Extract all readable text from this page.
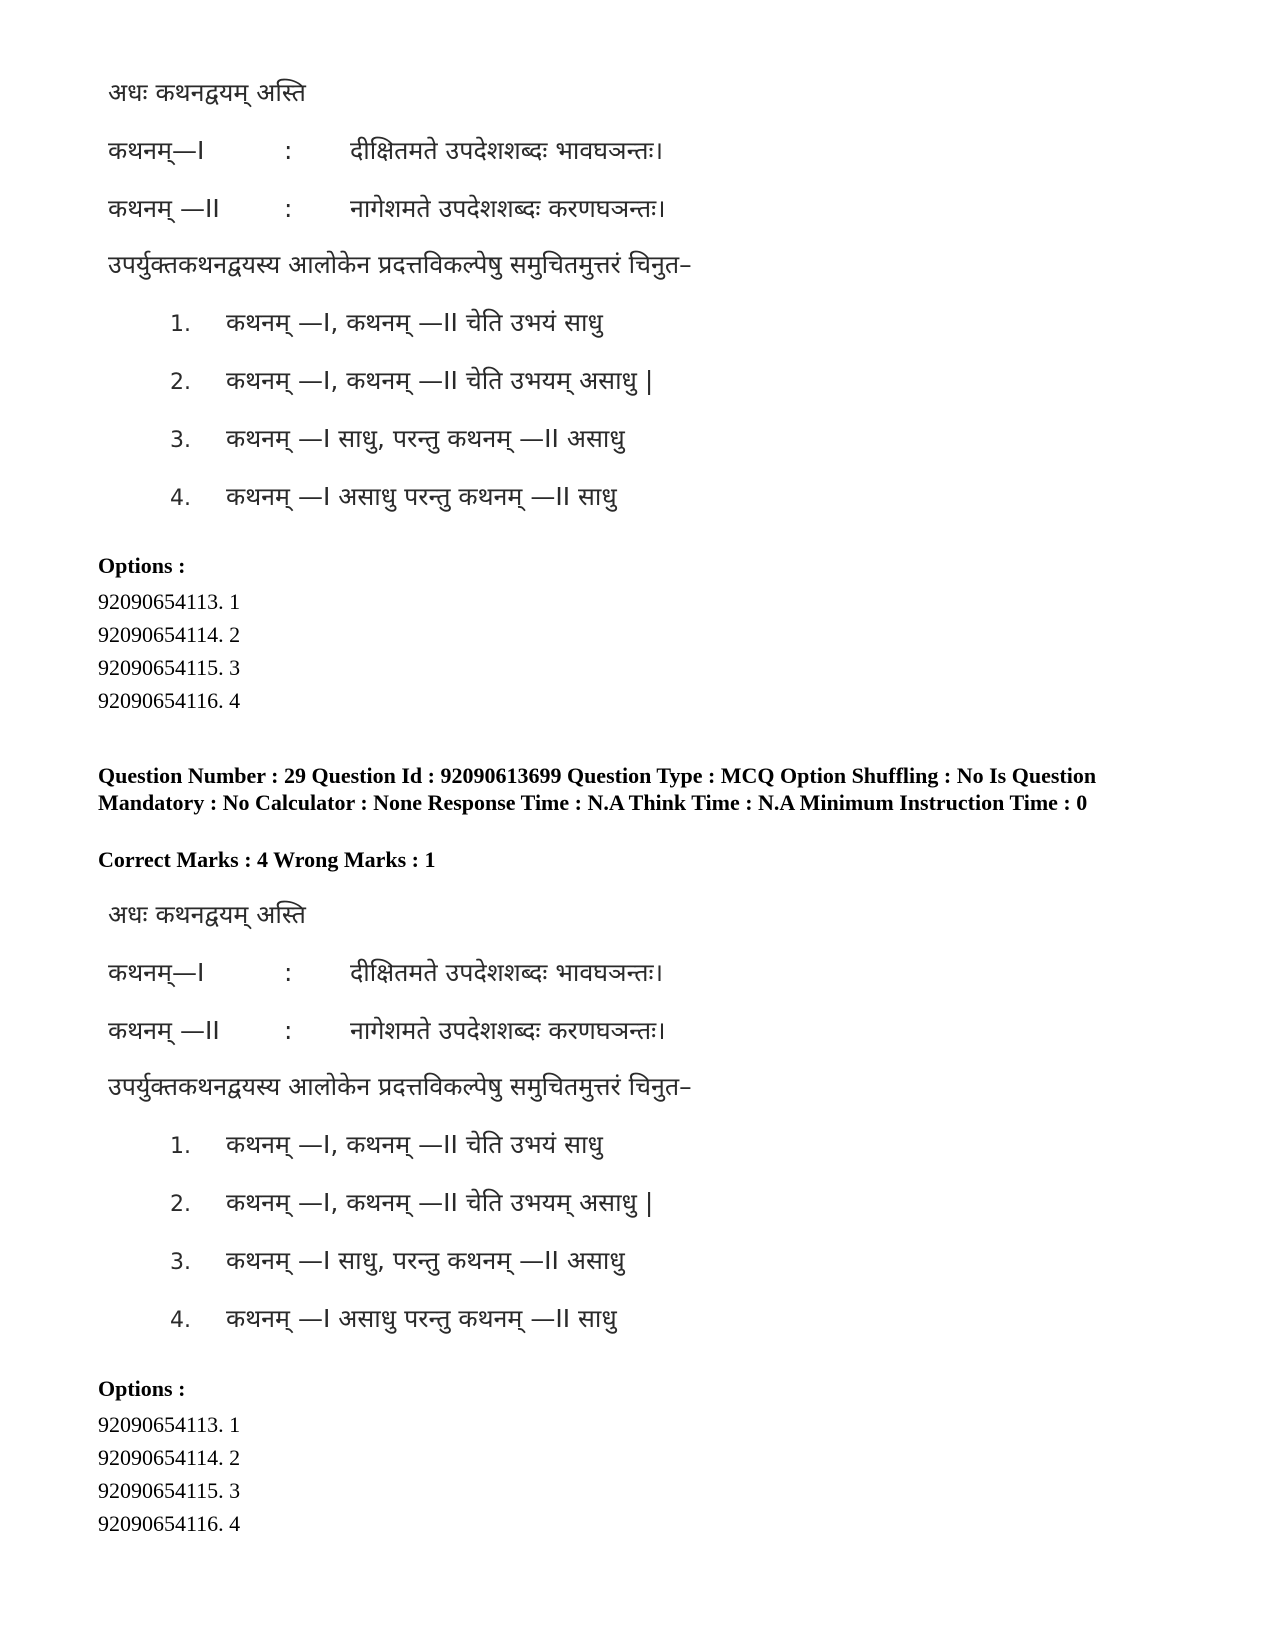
अधः कथनद्वयम् अस्ति
कथनम्—I	: दीक्षितमते उपदेशशब्दः भावघञन्तः।
कथनम् —II	: नागेशमते उपदेशशब्दः करणघञन्तः।
उपर्युक्तकथनद्वयस्य आलोकेन प्रदत्तविकल्पेषु समुचितमुत्तरं चिनुत–
1. कथनम् —I, कथनम् —II चेति उभयं साधु
2. कथनम् —I, कथनम् —II चेति उभयम् असाधु |
3. कथनम् —I साधु, परन्तु कथनम् —II असाधु
4. कथनम् —I असाधु परन्तु कथनम् —II साधु
Options :
92090654113. 1
92090654114. 2
92090654115. 3
92090654116. 4
Question Number : 29 Question Id : 92090613699 Question Type : MCQ Option Shuffling : No Is Question Mandatory : No Calculator : None Response Time : N.A Think Time : N.A Minimum Instruction Time : 0
Correct Marks : 4 Wrong Marks : 1
अधः कथनद्वयम् अस्ति
कथनम्—I	: दीक्षितमते उपदेशशब्दः भावघञन्तः।
कथनम् —II	: नागेशमते उपदेशशब्दः करणघञन्तः।
उपर्युक्तकथनद्वयस्य आलोकेन प्रदत्तविकल्पेषु समुचितमुत्तरं चिनुत–
1. कथनम् —I, कथनम् —II चेति उभयं साधु
2. कथनम् —I, कथनम् —II चेति उभयम् असाधु |
3. कथनम् —I साधु, परन्तु कथनम् —II असाधु
4. कथनम् —I असाधु परन्तु कथनम् —II साधु
Options :
92090654113. 1
92090654114. 2
92090654115. 3
92090654116. 4
